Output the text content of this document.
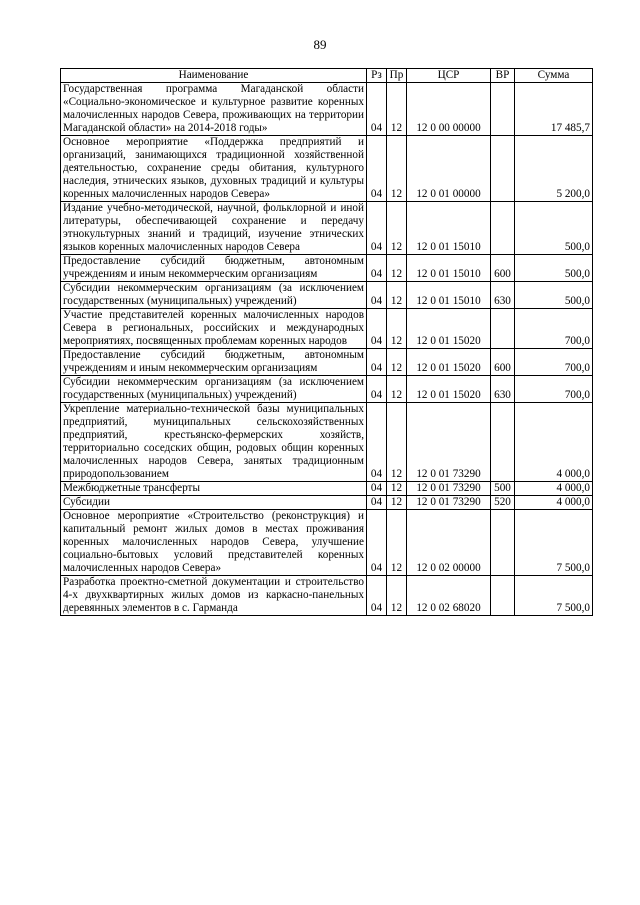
89
Наименование	Рз	Пр	ЦСР	ВР	Сумма
Государственная программа Магаданской области «Социально-экономическое и культурное развитие коренных малочисленных народов Севера, проживающих на территории Магаданской области» на 2014-2018 годы»	04	12	12 0 00 00000		17 485,7
Основное мероприятие «Поддержка предприятий и организаций, занимающихся традиционной хозяйственной деятельностью, сохранение среды обитания, культурного наследия, этнических языков, духовных традиций и культуры коренных малочисленных народов Севера»	04	12	12 0 01 00000		5 200,0
Издание учебно-методической, научной, фольклорной и иной литературы, обеспечивающей сохранение и передачу этнокультурных знаний и традиций, изучение этнических языков коренных малочисленных народов Севера	04	12	12 0 01 15010		500,0
Предоставление субсидий бюджетным, автономным учреждениям и иным некоммерческим организациям	04	12	12 0 01 15010	600	500,0
Субсидии некоммерческим организациям (за исключением государственных (муниципальных) учреждений)	04	12	12 0 01 15010	630	500,0
Участие представителей коренных малочисленных народов Севера в региональных, российских и международных мероприятиях, посвященных проблемам коренных народов	04	12	12 0 01 15020		700,0
Предоставление субсидий бюджетным, автономным учреждениям и иным некоммерческим организациям	04	12	12 0 01 15020	600	700,0
Субсидии некоммерческим организациям (за исключением государственных (муниципальных) учреждений)	04	12	12 0 01 15020	630	700,0
Укрепление материально-технической базы муниципальных предприятий, муниципальных сельскохозяйственных предприятий, крестьянско-фермерских хозяйств, территориально соседских общин, родовых общин коренных малочисленных народов Севера, занятых традиционным природопользованием	04	12	12 0 01 73290		4 000,0
Межбюджетные трансферты	04	12	12 0 01 73290	500	4 000,0
Субсидии	04	12	12 0 01 73290	520	4 000,0
Основное мероприятие «Строительство (реконструкция) и капитальный ремонт жилых домов в местах проживания коренных малочисленных народов Севера, улучшение социально-бытовых условий представителей коренных малочисленных народов Севера»	04	12	12 0 02 00000		7 500,0
Разработка проектно-сметной документации и строительство 4-х двухквартирных жилых домов из каркасно-панельных деревянных элементов в с. Гарманда	04	12	12 0 02 68020		7 500,0
